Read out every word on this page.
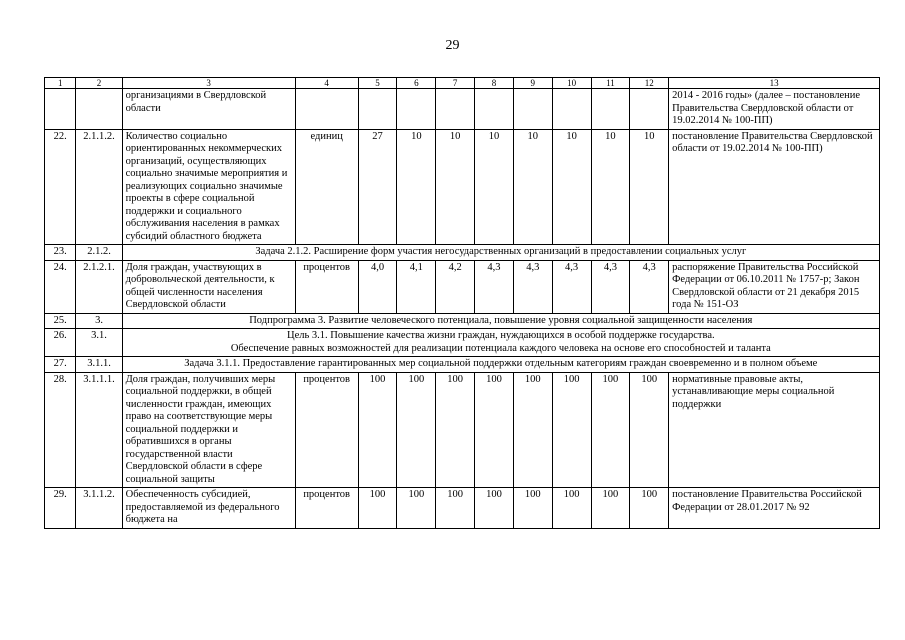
29
1	2	3	4	5	6	7	8	9	10	11	12	13
		организациями в Свердловской области										2014 - 2016 годы» (далее – постановление Правительства Свердловской области от 19.02.2014 № 100-ПП)
22.	2.1.1.2.	Количество социально ориентированных некоммерческих организаций, осуществляющих социально значимые мероприятия и реализующих социально значимые проекты в сфере социальной поддержки и социального обслуживания населения в рамках субсидий областного бюджета	единиц	27	10	10	10	10	10	10	10	постановление Правительства Свердловской области от 19.02.2014 № 100-ПП)
23.	2.1.2.	Задача 2.1.2. Расширение форм участия негосударственных организаций в предоставлении социальных услуг										
24.	2.1.2.1.	Доля граждан, участвующих в добровольческой деятельности, к общей численности населения Свердловской области	процентов	4,0	4,1	4,2	4,3	4,3	4,3	4,3	4,3	распоряжение Правительства Российской Федерации от 06.10.2011 № 1757-р; Закон Свердловской области от 21 декабря 2015 года № 151-ОЗ
25.	3.	Подпрограмма 3. Развитие человеческого потенциала, повышение уровня социальной защищенности населения										
26.	3.1.	Цель 3.1. Повышение качества жизни граждан, нуждающихся в особой поддержке государства.
Обеспечение равных возможностей для реализации потенциала каждого человека на основе его способностей и таланта										

27.	3.1.1.	Задача 3.1.1. Предоставление гарантированных мер социальной поддержки отдельным категориям граждан своевременно и в полном объеме										
28.	3.1.1.1.	Доля граждан, получивших меры социальной поддержки, в общей численности граждан, имеющих право на соответствующие меры социальной поддержки и обратившихся в органы государственной власти Свердловской области в сфере социальной защиты	процентов	100	100	100	100	100	100	100	100	нормативные правовые акты, устанавливающие меры социальной поддержки
29.	3.1.1.2.	Обеспеченность субсидией, предоставляемой из федерального бюджета на	процентов	100	100	100	100	100	100	100	100	постановление Правительства Российской Федерации от 28.01.2017 № 92
